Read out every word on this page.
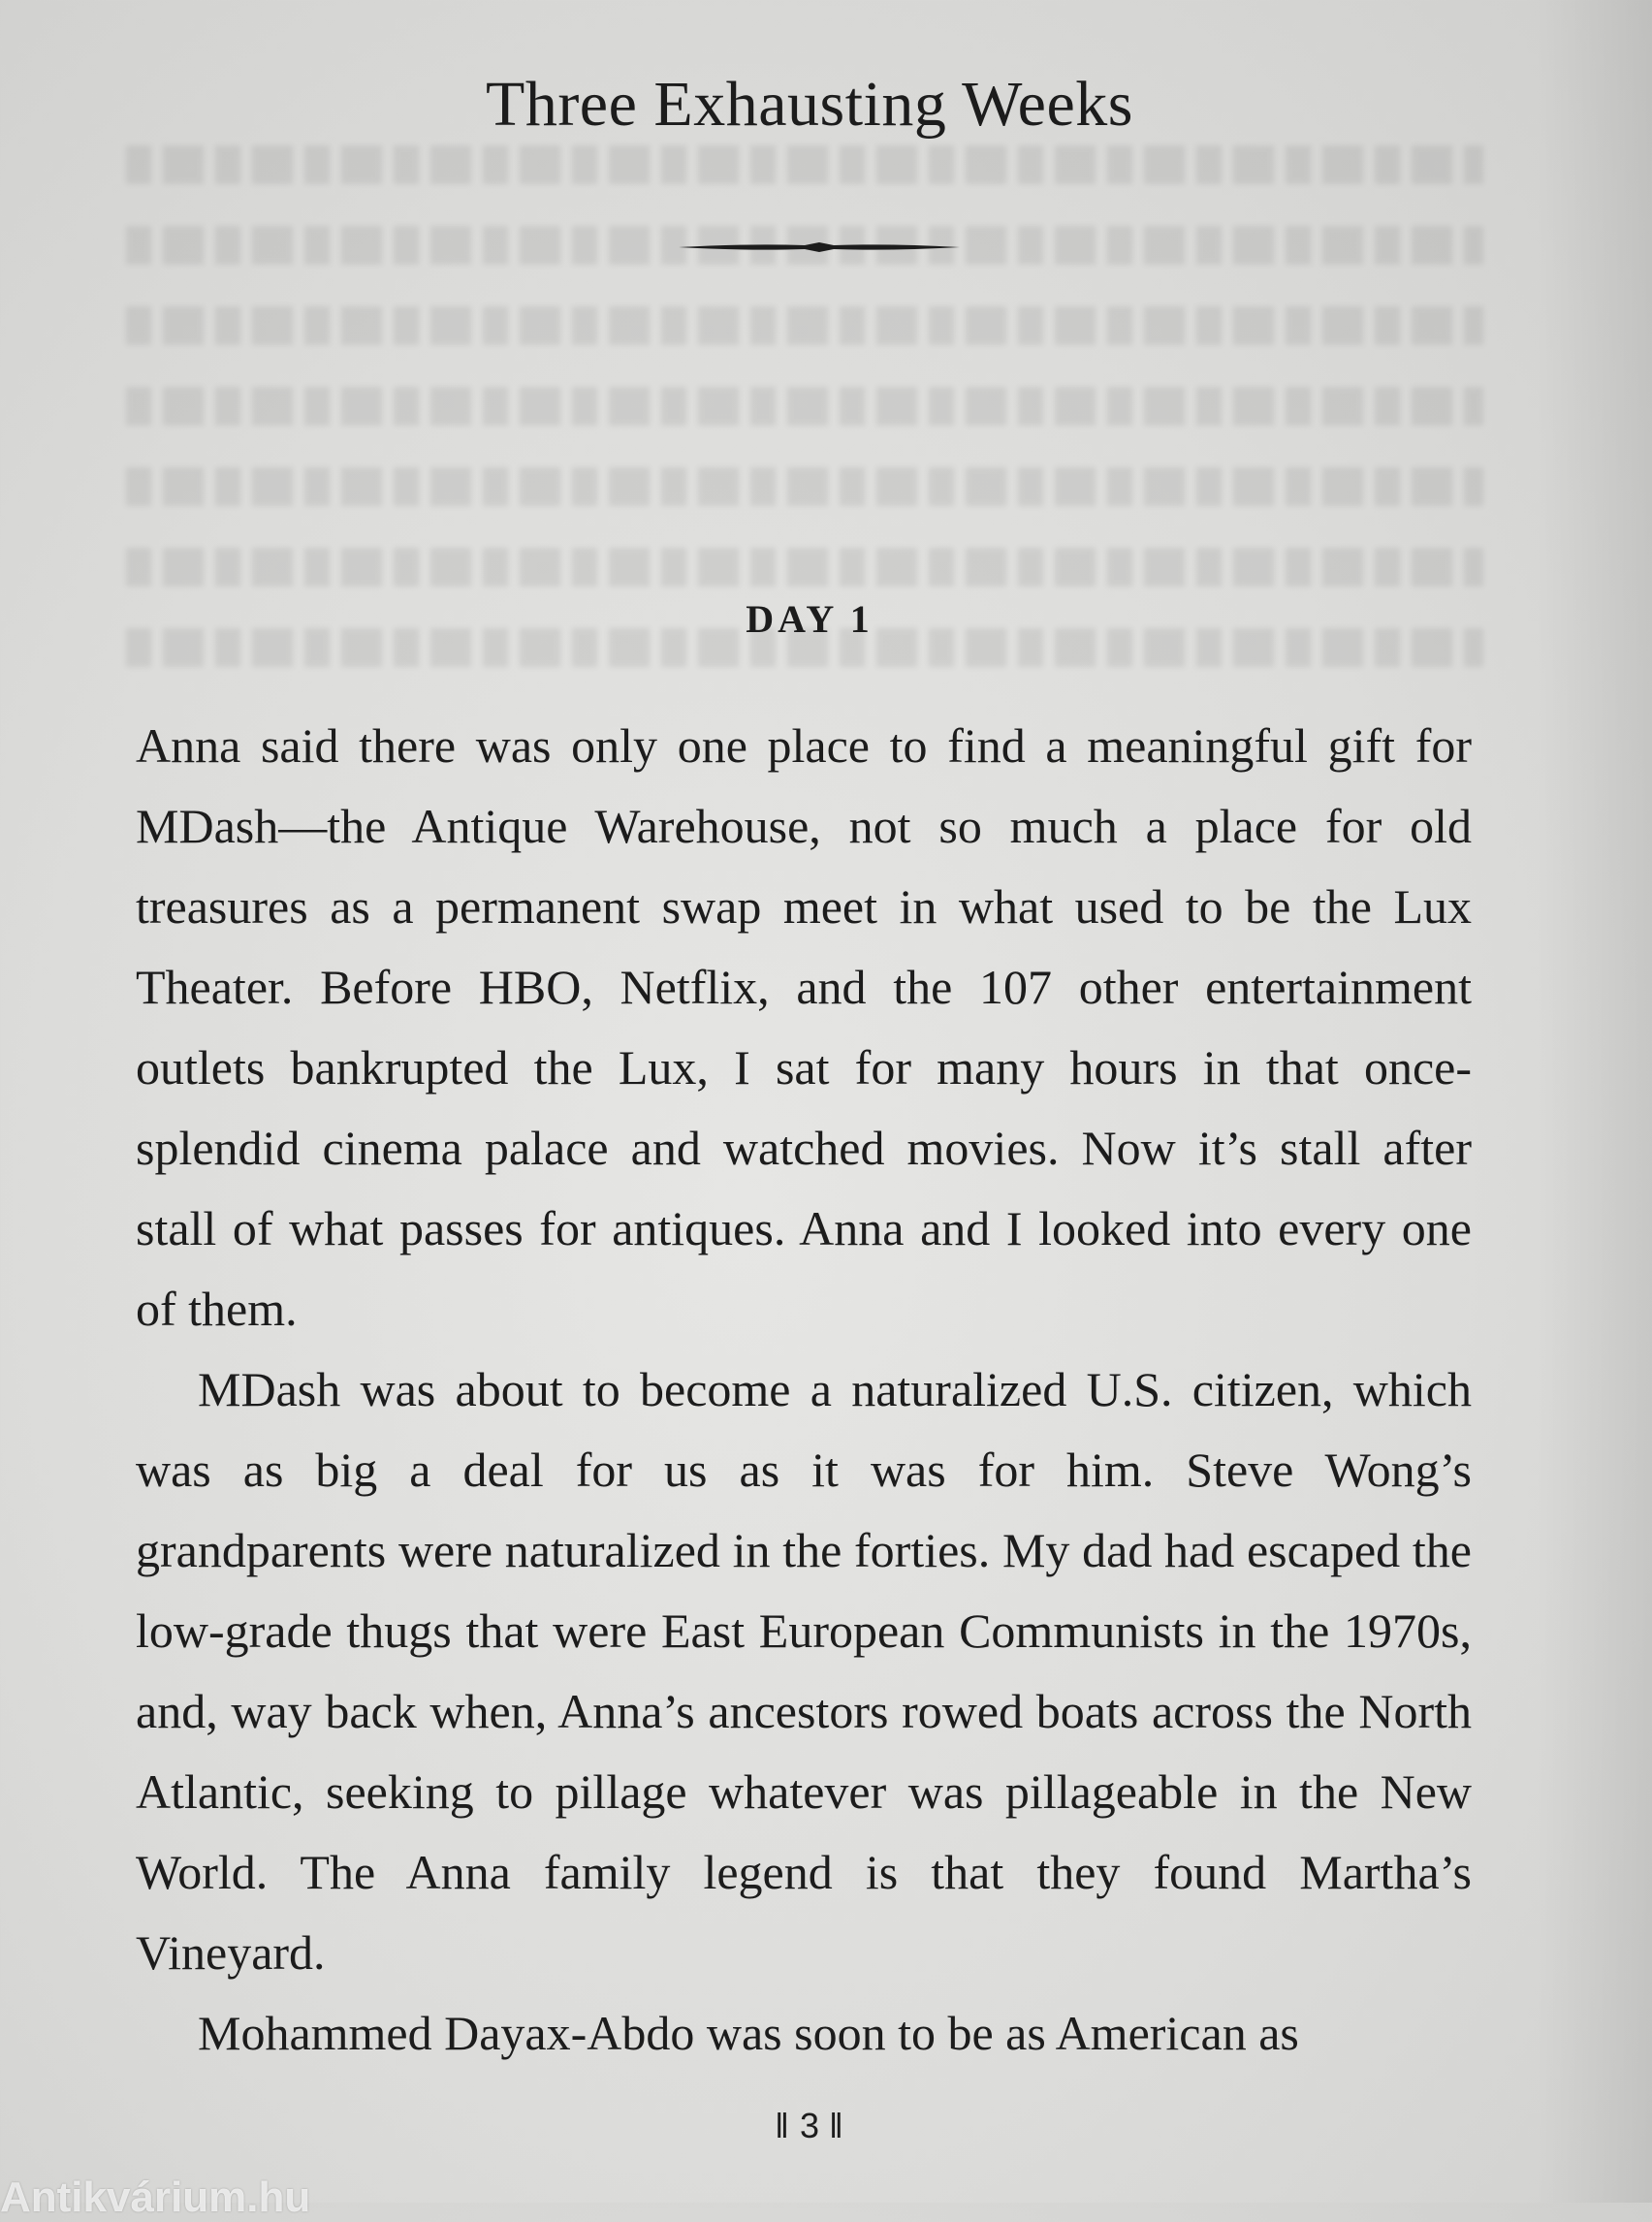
Three Exhausting Weeks
DAY 1

Anna said there was only one place to find a meaningful gift for MDash—the Antique Warehouse, not so much a place for old treasures as a permanent swap meet in what used to be the Lux Theater. Before HBO, Netflix, and the 107 other entertainment outlets bankrupted the Lux, I sat for many hours in that once-splendid cinema palace and watched movies. Now it’s stall after stall of what passes for antiques. Anna and I looked into every one of them.

MDash was about to become a naturalized U.S. citizen, which was as big a deal for us as it was for him. Steve Wong’s grandparents were naturalized in the forties. My dad had escaped the low-grade thugs that were East European Communists in the 1970s, and, way back when, Anna’s ancestors rowed boats across the North Atlantic, seeking to pillage whatever was pillageable in the New World. The Anna family legend is that they found Martha’s Vineyard.

Mohammed Dayax-Abdo was soon to be as American as

‖ 3 ‖
Antikvárium.hu
